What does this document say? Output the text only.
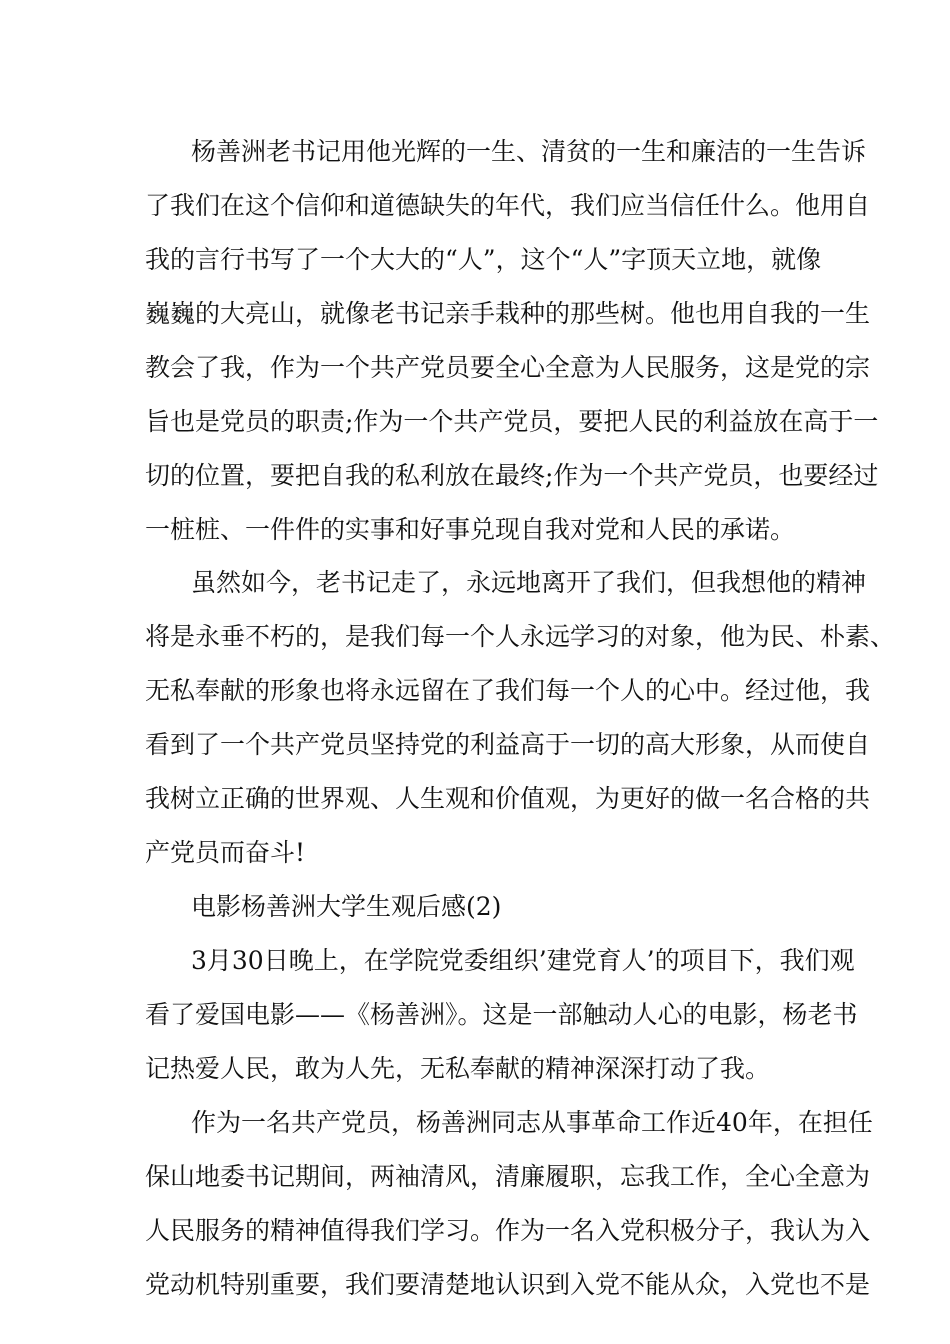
杨善洲老书记用他光辉的一生、清贫的一生和廉洁的一生告诉
了我们在这个信仰和道德缺失的年代，我们应当信任什么。他用自
我的言行书写了一个大大的“人”，这个“人”字顶天立地，就像
巍巍的大亮山，就像老书记亲手栽种的那些树。他也用自我的一生
教会了我，作为一个共产党员要全心全意为人民服务，这是党的宗
旨也是党员的职责;作为一个共产党员，要把人民的利益放在高于一
切的位置，要把自我的私利放在最终;作为一个共产党员，也要经过
一桩桩、一件件的实事和好事兑现自我对党和人民的承诺。
虽然如今，老书记走了，永远地离开了我们，但我想他的精神
将是永垂不朽的，是我们每一个人永远学习的对象，他为民、朴素、
无私奉献的形象也将永远留在了我们每一个人的心中。经过他，我
看到了一个共产党员坚持党的利益高于一切的高大形象，从而使自
我树立正确的世界观、人生观和价值观，为更好的做一名合格的共
产党员而奋斗!
电影杨善洲大学生观后感(2)
3月30日晚上，在学院党委组织’建党育人’的项目下，我们观
看了爱国电影——《杨善洲》。这是一部触动人心的电影，杨老书
记热爱人民，敢为人先，无私奉献的精神深深打动了我。
作为一名共产党员，杨善洲同志从事革命工作近40年，在担任
保山地委书记期间，两袖清风，清廉履职，忘我工作，全心全意为
人民服务的精神值得我们学习。作为一名入党积极分子，我认为入
党动机特别重要，我们要清楚地认识到入党不能从众，入党也不是
